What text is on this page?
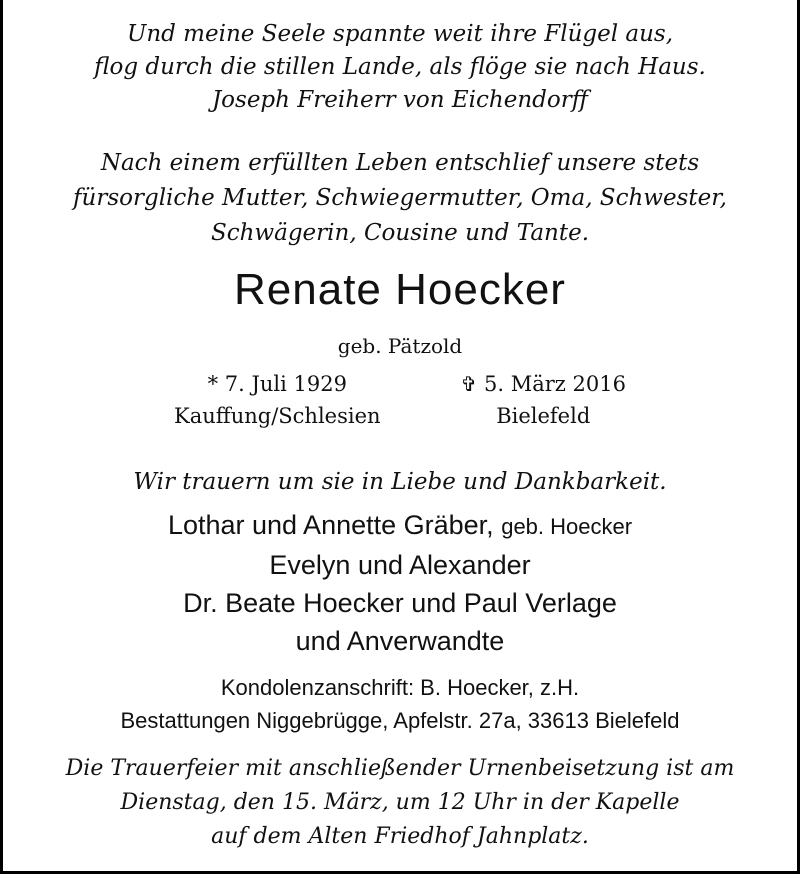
Und meine Seele spannte weit ihre Flügel aus,
flog durch die stillen Lande, als flöge sie nach Haus.
Joseph Freiherr von Eichendorff
Nach einem erfüllten Leben entschlief unsere stets
fürsorgliche Mutter, Schwiegermutter, Oma, Schwester,
Schwägerin, Cousine und Tante.
Renate Hoecker
geb. Pätzold
* 7. Juli 1929
Kauffung/Schlesien
✞ 5. März 2016
Bielefeld
Wir trauern um sie in Liebe und Dankbarkeit.
Lothar und Annette Gräber, geb. Hoecker
Evelyn und Alexander
Dr. Beate Hoecker und Paul Verlage
und Anverwandte
Kondolenzanschrift: B. Hoecker, z.H.
Bestattungen Niggebrügge, Apfelstr. 27a, 33613 Bielefeld
Die Trauerfeier mit anschließender Urnenbeisetzung ist am
Dienstag, den 15. März, um 12 Uhr in der Kapelle
auf dem Alten Friedhof Jahnplatz.
